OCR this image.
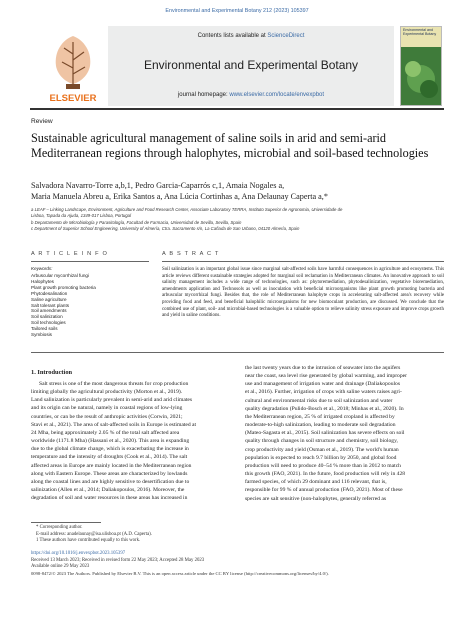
Environmental and Experimental Botany 212 (2023) 105397
ELSEVIER
Contents lists available at ScienceDirect
Environmental and Experimental Botany
journal homepage: www.elsevier.com/locate/envexpbot
Environmental and Experimental Botany
Review
Sustainable agricultural management of saline soils in arid and semi-arid Mediterranean regions through halophytes, microbial and soil-based technologies
Salvadora Navarro-Torre a,b,1, Pedro Garcia-Caparrós c,1, Amaia Nogales a,
Maria Manuela Abreu a, Erika Santos a, Ana Lúcia Cortinhas a, Ana Delaunay Caperta a,*
a LEAF – Linking Landscape, Environment, Agriculture and Food Research Center, Associate Laboratory TERRA, Instituto Superior de Agronomia, Universidade de
Lisboa, Tapada da Ajuda, 1349-017 Lisboa, Portugal
b Departamento de Microbiología y Parasitología, Facultad de Farmacia, Universidad de Sevilla, Sevilla, Spain
c Department of Superior School Engineering, University of Almería, Ctra. Sacramento s/n, La Cañada de San Urbano, 04120 Almería, Spain
A R T I C L E I N F O
Keywords:
Arbuscular mycorrhizal fungi
Halophytes
Plant growth promoting bacteria
Phytodesalination
Saline agriculture
Salt tolerant plants
Soil amendments
Soil salinization
Soil technologies
Tailored soils
Symbiosis
A B S T R A C T
Soil salinization is an important global issue since marginal salt-affected soils have harmful consequences in agriculture and ecosystems. This article reviews different sustainable strategies adopted for marginal soil reclamation in Mediterranean climates. An innovative approach to soil salinity management includes a wide range of technologies, such as: phytoremediation, phytodesalinization, vegetative bioremediation, amendments application and Technosols as well as inoculation with beneficial microorganisms like plant growth promoting bacteria and arbuscular mycorrhizal fungi. Besides that, the role of Mediterranean halophyte crops in accelerating salt-affected area's recovery while providing food and feed, and beneficial halophilic microorganisms for new biomoculant production, are discussed. We conclude that the combined use of plant, soil- and microbial-based technologies is a valuable option to relieve salinity stress exposure and improve crops growth and yield in saline conditions.
1. Introduction
Salt stress is one of the most dangerous threats for crop production
limiting globally the agricultural productivity (Morton et al., 2019).
Land salinization is particularly prevalent in semi-arid and arid climates
and its origin can be natural, namely in coastal regions of low-lying
countries, or can be the result of anthropic activities (Corwin, 2021;
Stavi et al., 2021). The area of salt-affected soils in Europe is estimated at
24 Mha, being approximately 2.05 % of the total salt affected area
worldwide (1171.8 Mha) (Hassani et al., 2020). This area is expanding
due to the global climate change, which is exacerbating the increase in
temperature and the intensity of droughts (Cook et al., 2014). The salt
affected areas in Europe are mainly located in the Mediterranean region
along with Eastern Europe. These areas are characterized by lowlands
along the coastal lines and are highly sensitive to desertification due to
salinization (Allen et al., 2014; Daliakopoulos, 2016). Moreover, the
degradation of soil and water resources in these areas has increased in
the last twenty years due to the intrusion of seawater into the aquifers
near the coast, sea level rise generated by global warming, and improper
use and management of irrigation water and drainage (Daliakopoulos
et al., 2016). Further, irrigation of crops with saline waters raises agri-
cultural and environmental risks due to soil salinization and water
quality degradation (Pulido-Bosch et al., 2018; Minhas et al., 2020). In
the Mediterranean region, 25 % of irrigated cropland is affected by
moderate-to-high salinization, leading to moderate soil degradation
(Mateo-Sagasta et al., 2015). Soil salinization has severe effects on soil
quality through changes in soil structure and chemistry, soil biology,
crop productivity and yield (Osman et al., 2019). The world's human
population is expected to reach 9.7 billion by 2050, and global food
production will need to produce 40–54 % more than in 2012 to match
this growth (FAO, 2021). In the future, food production will rely in 428
farmed species, of which 29 dominant and 116 relevant, that is,
responsible for 99 % of annual production (FAO, 2021). Most of these
species are salt sensitive (non-halophytes, generally referred as
* Corresponding author.
E-mail address: anadelaunay@isa.ulisboa.pt (A.D. Caperta).
1 These authors have contributed equally to this work.
https://doi.org/10.1016/j.envexpbot.2023.105397
Received 13 March 2023; Received in revised form 22 May 2023; Accepted 28 May 2023
Available online 29 May 2023
0098-8472/© 2023 The Authors. Published by Elsevier B.V. This is an open access article under the CC BY license (http://creativecommons.org/licenses/by/4.0/).
